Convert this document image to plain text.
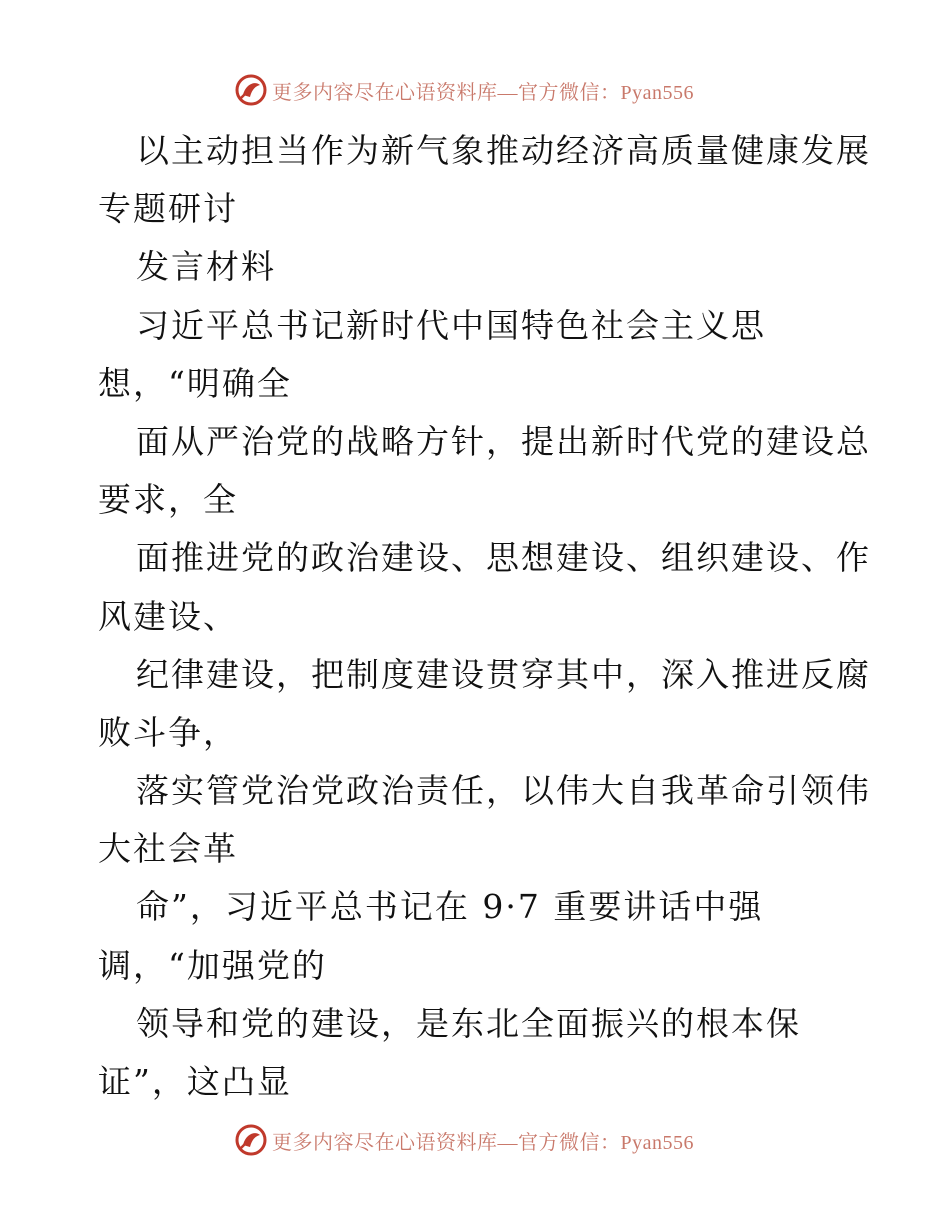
更多内容尽在心语资料库—官方微信：Pyan556
以主动担当作为新气象推动经济高质量健康发展
专题研讨
发言材料
习近平总书记新时代中国特色社会主义思
想，“明确全
面从严治党的战略方针，提出新时代党的建设总
要求，全
面推进党的政治建设、思想建设、组织建设、作
风建设、
纪律建设，把制度建设贯穿其中，深入推进反腐
败斗争，
落实管党治党政治责任，以伟大自我革命引领伟
大社会革
命”，习近平总书记在 9·7 重要讲话中强
调，“加强党的
领导和党的建设，是东北全面振兴的根本保
证”，这凸显
更多内容尽在心语资料库—官方微信：Pyan556
